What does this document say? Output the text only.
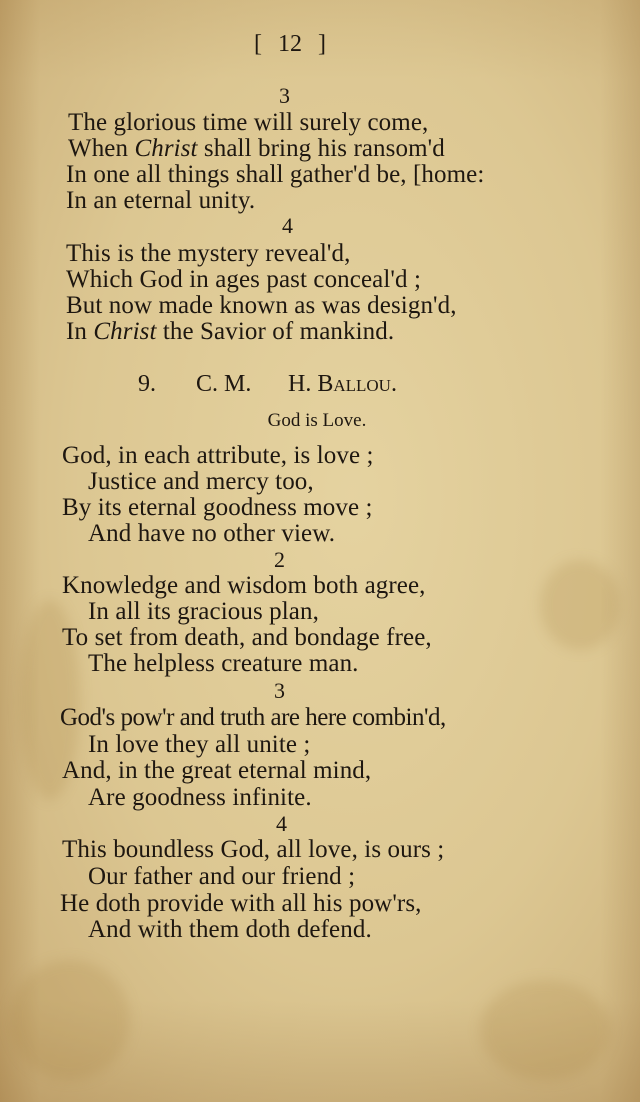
[ 12 ]
3
The glorious time will surely come,
When Christ shall bring his ransom'd
In one all things shall gather'd be, [home:
In an eternal unity.
4
This is the mystery reveal'd,
Which God in ages past conceal'd ;
But now made known as was design'd,
In Christ the Savior of mankind.
9. C. M. H. Ballou.
God is Love.
God, in each attribute, is love ;
Justice and mercy too,
By its eternal goodness move ;
And have no other view.
2
Knowledge and wisdom both agree,
In all its gracious plan,
To set from death, and bondage free,
The helpless creature man.
3
God's pow'r and truth are here combin'd,
In love they all unite ;
And, in the great eternal mind,
Are goodness infinite.
4
This boundless God, all love, is ours ;
Our father and our friend ;
He doth provide with all his pow'rs,
And with them doth defend.
